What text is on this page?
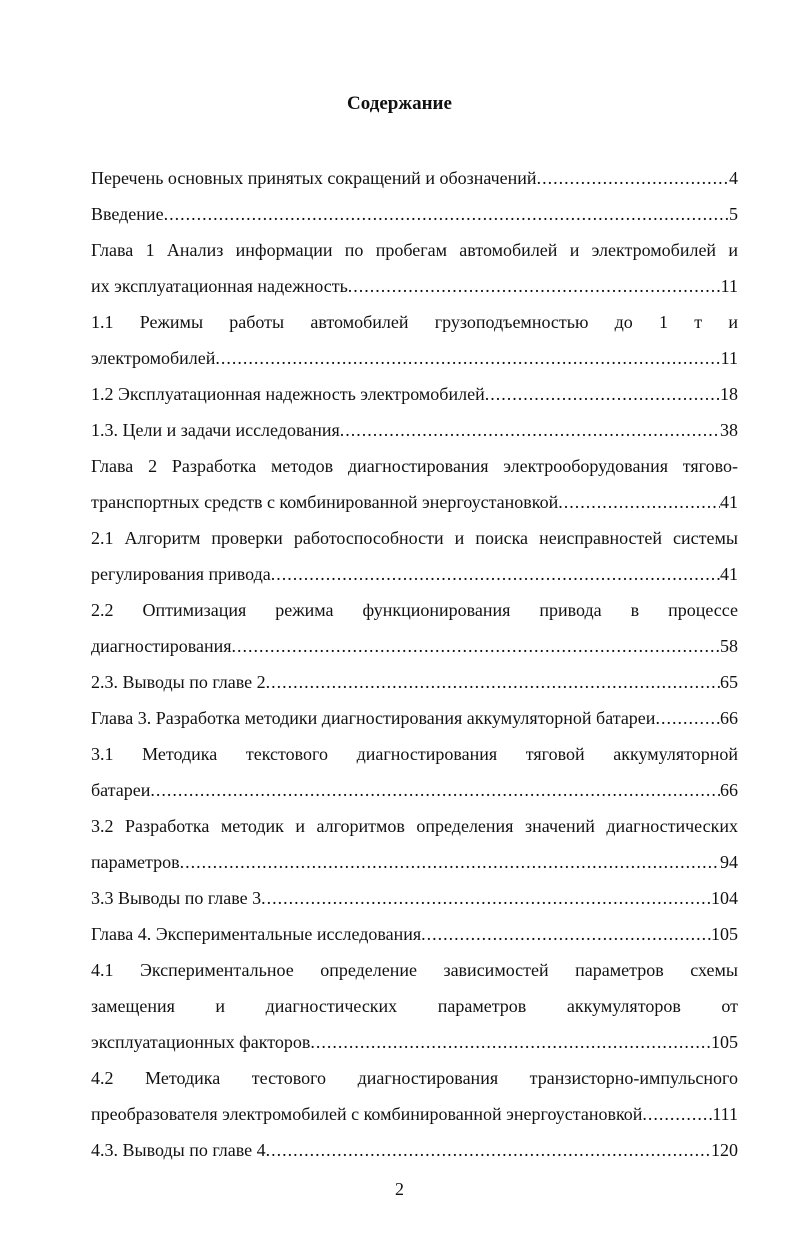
Содержание
Перечень основных принятых сокращений и обозначений .....	4
Введение .....	5
Глава 1 Анализ информации по пробегам автомобилей и электромобилей и
их эксплуатационная надежность .....	11
1.1 Режимы работы автомобилей грузоподъемностью до 1 т и
электромобилей .....	11
1.2 Эксплуатационная надежность электромобилей .....	18
1.3. Цели и задачи исследования .....	38
Глава 2 Разработка методов диагностирования электрооборудования тягово-
транспортных средств с комбинированной энергоустановкой .....	41
2.1 Алгоритм проверки работоспособности и поиска неисправностей системы
регулирования привода .....	41
2.2 Оптимизация режима функционирования привода в процессе
диагностирования .....	58
2.3. Выводы по главе 2 .....	65
Глава 3. Разработка методики диагностирования аккумуляторной батареи .....	66
3.1 Методика текстового диагностирования тяговой аккумуляторной
батареи .....	66
3.2 Разработка методик и алгоритмов определения значений диагностических
параметров .....	94
3.3 Выводы по главе 3 .....	104
Глава 4. Экспериментальные исследования .....	105
4.1 Экспериментальное определение зависимостей параметров схемы
замещения и диагностических параметров аккумуляторов от
эксплуатационных факторов .....	105
4.2 Методика тестового диагностирования транзисторно-импульсного
преобразователя электромобилей с комбинированной энергоустановкой .....	111
4.3. Выводы по главе 4 .....	120
2
